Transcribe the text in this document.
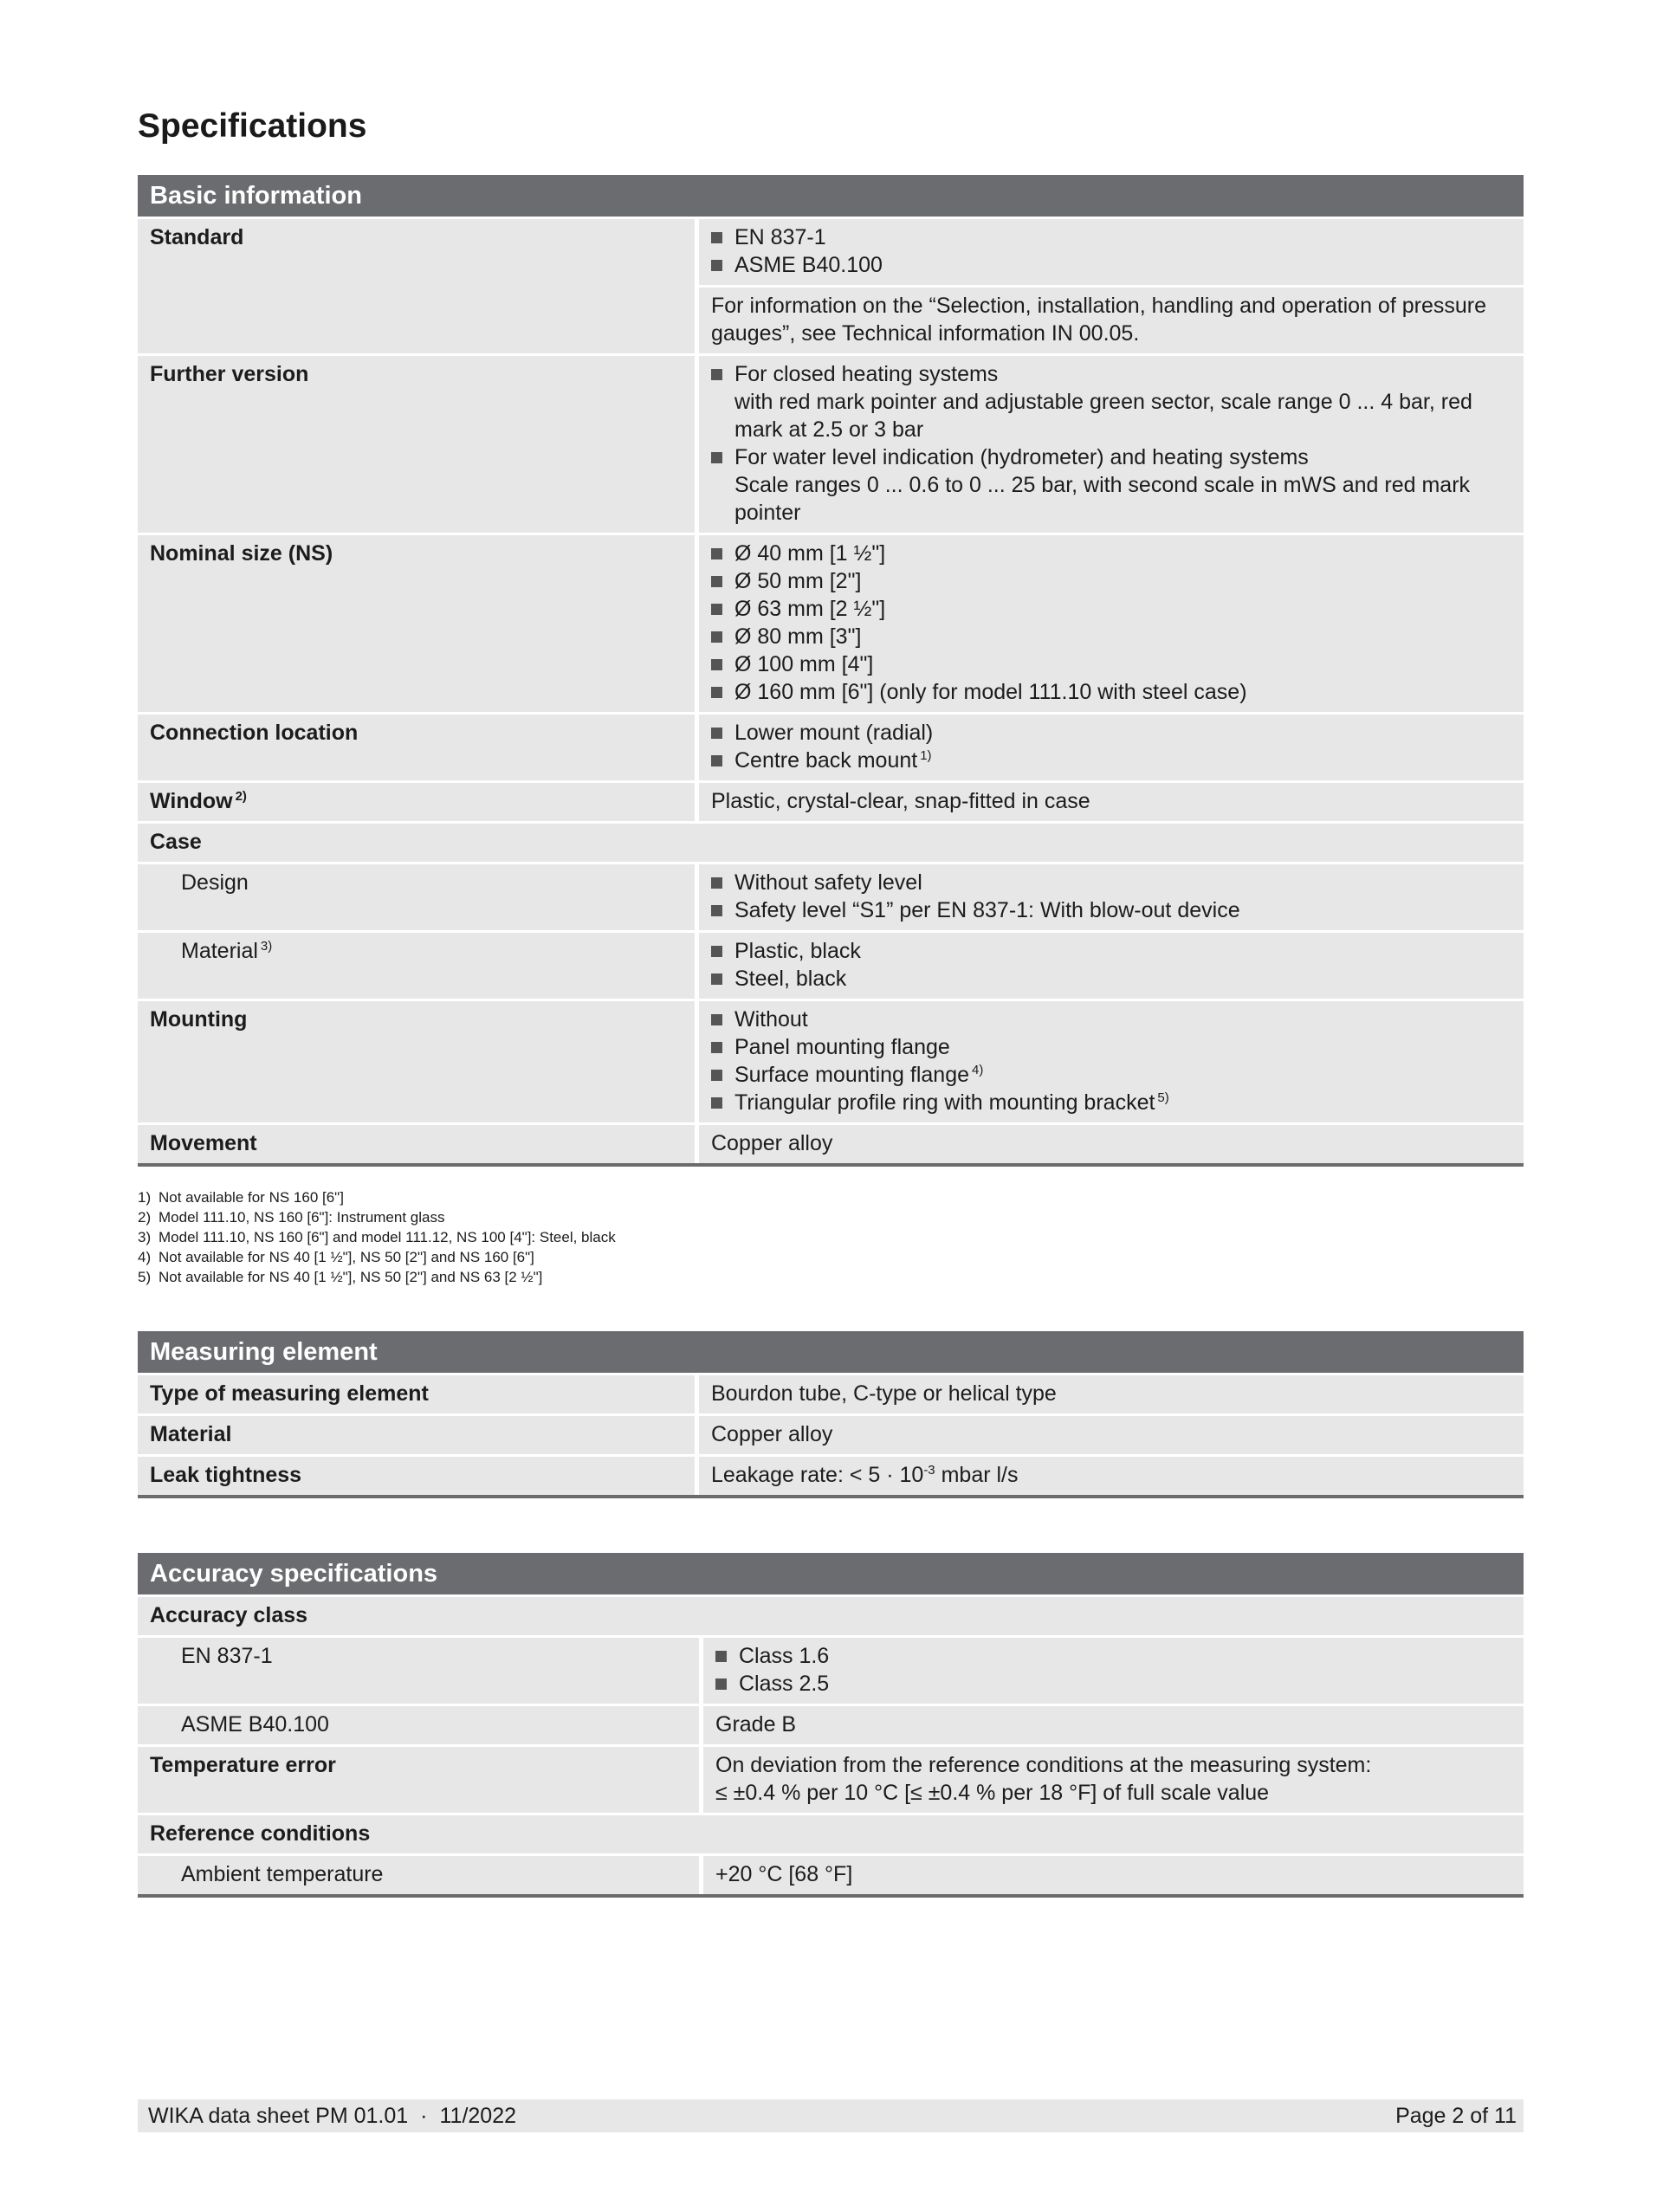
Specifications
Basic information
Standard	EN 837-1
ASME B40.100
For information on the “Selection, installation, handling and operation of pressure gauges”, see Technical information IN 00.05.
Further version	For closed heating systems
with red mark pointer and adjustable green sector, scale range 0 ... 4 bar, red
mark at 2.5 or 3 bar
For water level indication (hydrometer) and heating systems
Scale ranges 0 ... 0.6 to 0 ... 25 bar, with second scale in mWS and red mark
pointer
Nominal size (NS)	Ø 40 mm [1 ½"]
Ø 50 mm [2"]
Ø 63 mm [2 ½"]
Ø 80 mm [3"]
Ø 100 mm [4"]
Ø 160 mm [6"] (only for model 111.10 with steel case)
Connection location	Lower mount (radial)
Centre back mount $^{1)}$
Window $^{2)}$	Plastic, crystal-clear, snap-fitted in case
Case
Design	Without safety level
Safety level “S1” per EN 837-1: With blow-out device
Material $^{3)}$	Plastic, black
Steel, black
Mounting	Without
Panel mounting flange
Surface mounting flange $^{4)}$
Triangular profile ring with mounting bracket $^{5)}$
Movement	Copper alloy
1) Not available for NS 160 [6"]
2) Model 111.10, NS 160 [6"]: Instrument glass
3) Model 111.10, NS 160 [6"] and model 111.12, NS 100 [4"]: Steel, black
4) Not available for NS 40 [1 ½"], NS 50 [2"] and NS 160 [6"]
5) Not available for NS 40 [1 ½"], NS 50 [2"] and NS 63 [2 ½"]
Measuring element
Type of measuring element	Bourdon tube, C-type or helical type
Material	Copper alloy
Leak tightness	Leakage rate: < $5 \cdot 10^{-3}$ mbar l/s
Accuracy specifications
Accuracy class
EN 837-1	Class 1.6
Class 2.5
ASME B40.100	Grade B
Temperature error	On deviation from the reference conditions at the measuring system:
≤ ±0.4 % per 10 °C [≤ ±0.4 % per 18 °F] of full scale value
Reference conditions
Ambient temperature	+20 °C [68 °F]
WIKA data sheet PM 01.01 · 11/2022	Page 2 of 11
